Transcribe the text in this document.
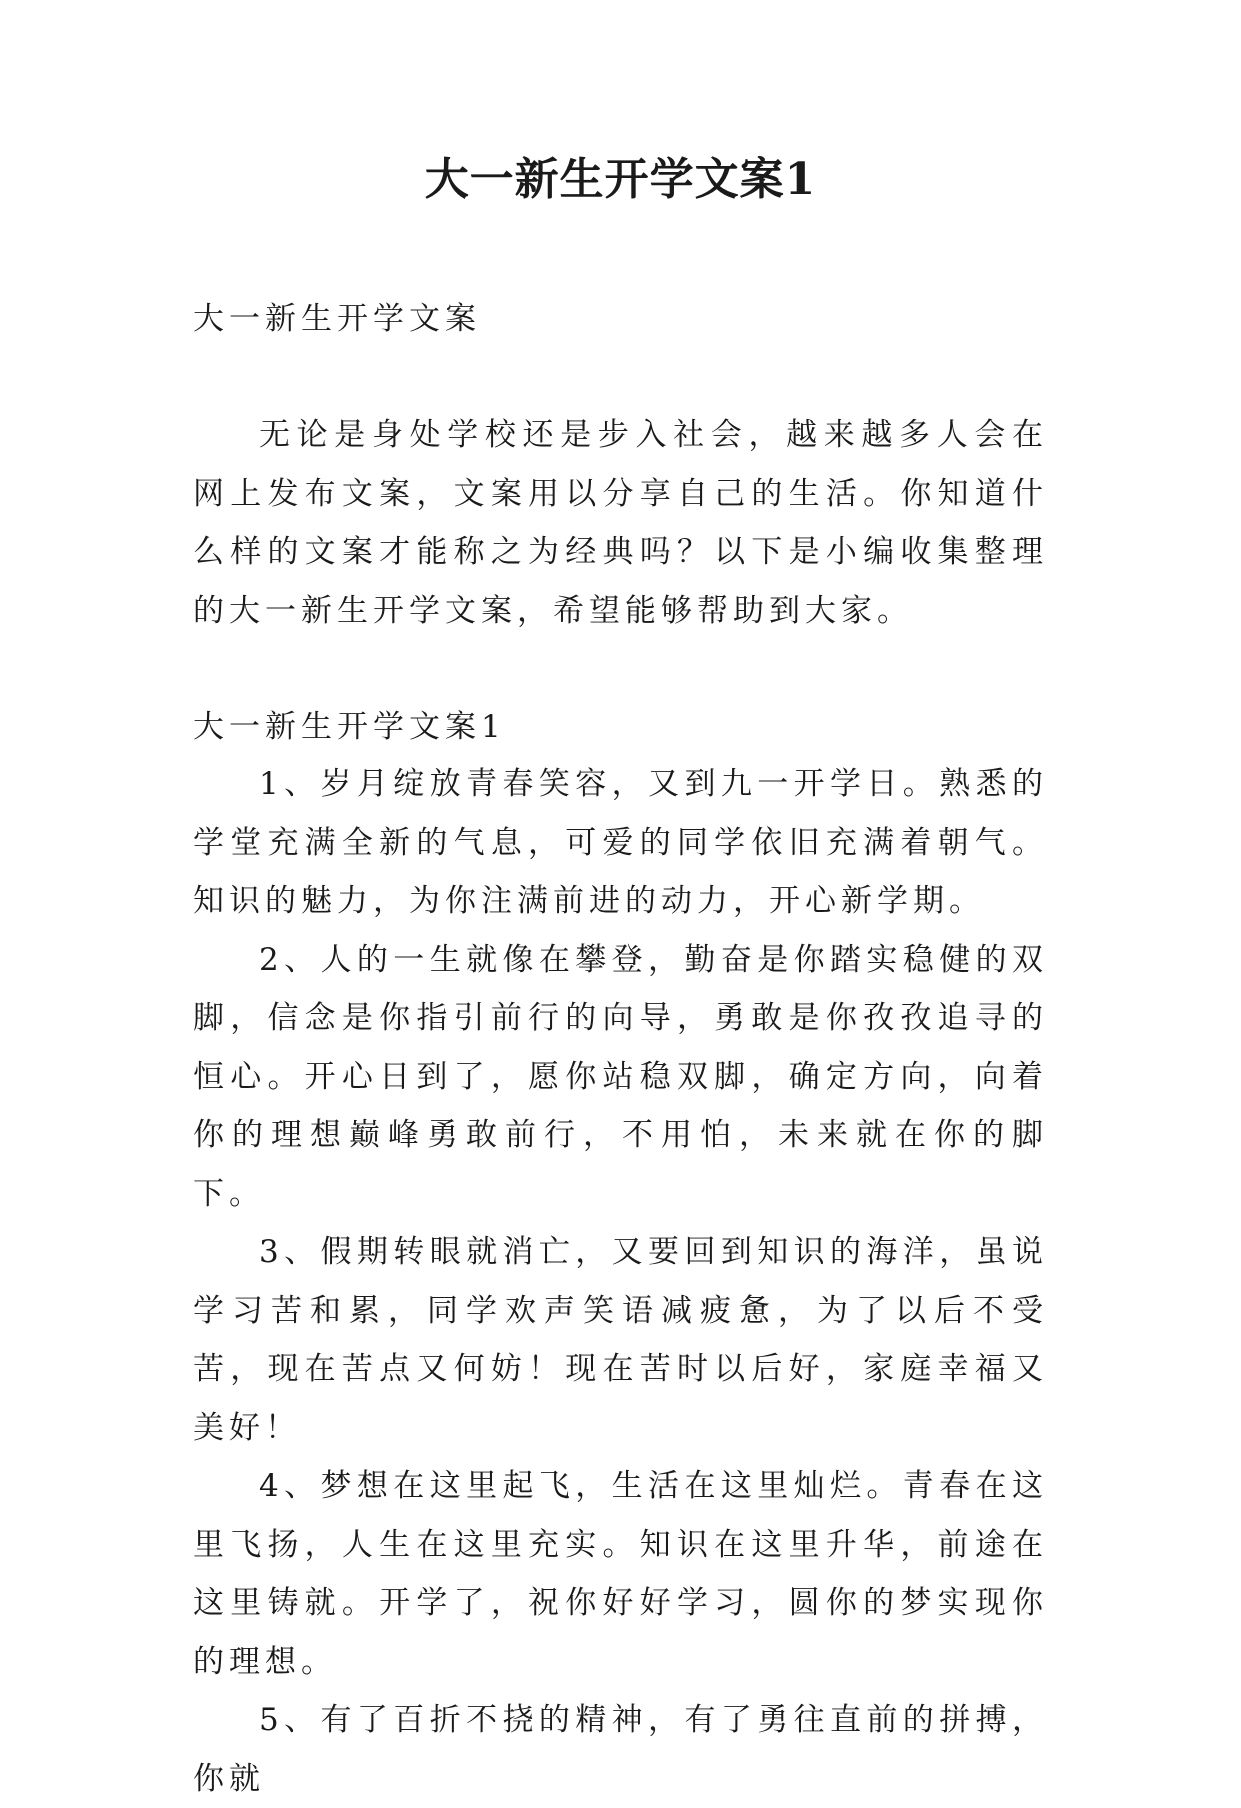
大一新生开学文案1

大一新生开学文案

无论是身处学校还是步入社会，越来越多人会在网上发布文案，文案用以分享自己的生活。你知道什么样的文案才能称之为经典吗？以下是小编收集整理的大一新生开学文案，希望能够帮助到大家。

大一新生开学文案1

1、岁月绽放青春笑容，又到九一开学日。熟悉的学堂充满全新的气息，可爱的同学依旧充满着朝气。知识的魅力，为你注满前进的动力，开心新学期。

2、人的一生就像在攀登，勤奋是你踏实稳健的双脚，信念是你指引前行的向导，勇敢是你孜孜追寻的恒心。开心日到了，愿你站稳双脚，确定方向，向着你的理想巅峰勇敢前行，不用怕，未来就在你的脚下。

3、假期转眼就消亡，又要回到知识的海洋，虽说学习苦和累，同学欢声笑语减疲惫，为了以后不受苦，现在苦点又何妨！现在苦时以后好，家庭幸福又美好！

4、梦想在这里起飞，生活在这里灿烂。青春在这里飞扬，人生在这里充实。知识在这里升华，前途在这里铸就。开学了，祝你好好学习，圆你的梦实现你的理想。

5、有了百折不挠的精神，有了勇往直前的拼搏，你就
